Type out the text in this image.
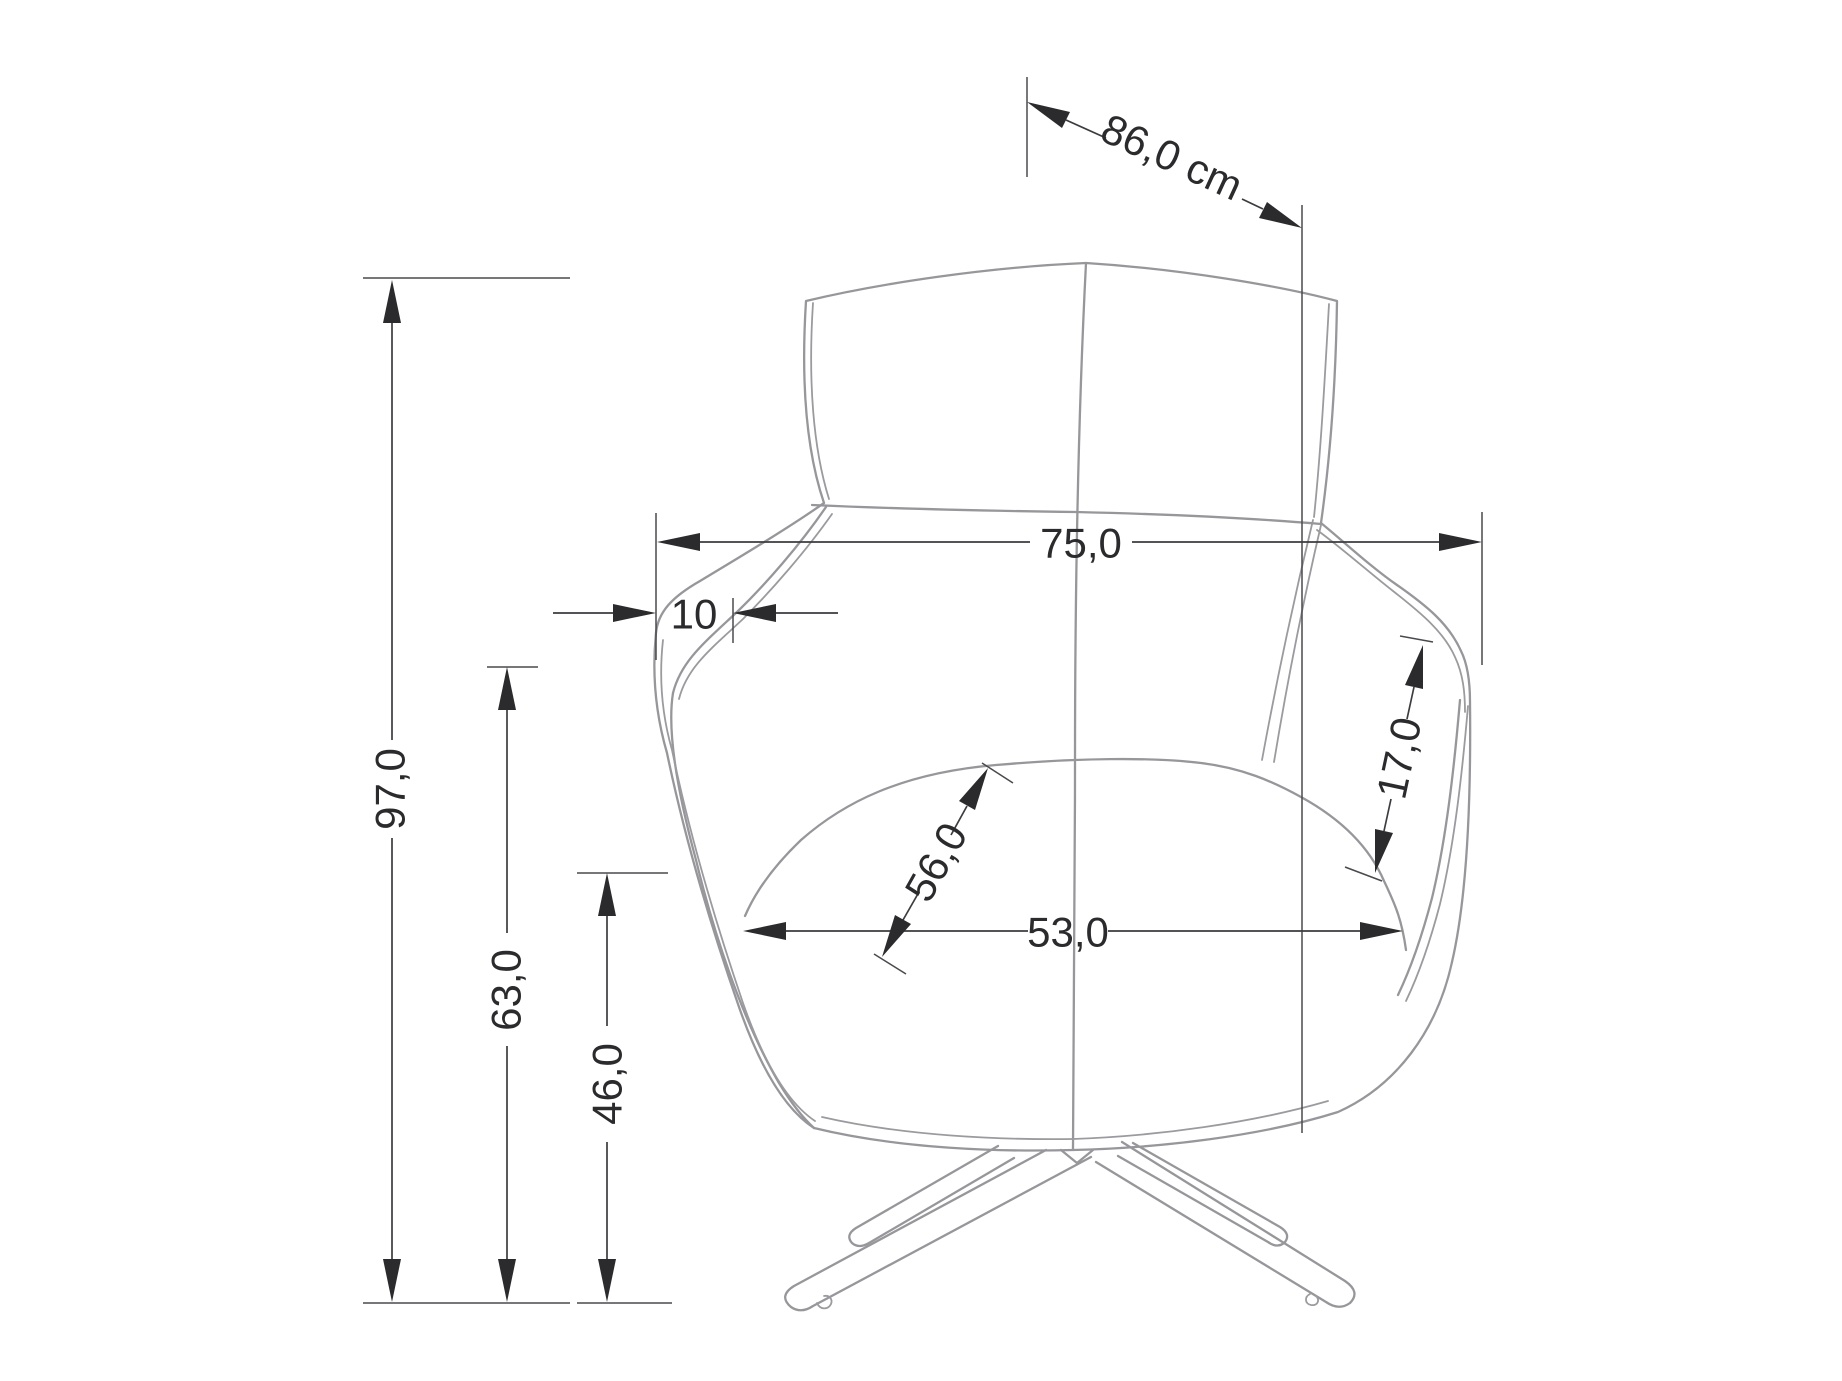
97,0
63,0
46,0
75,0
10
53,0
56,0
17,0
86,0 cm
